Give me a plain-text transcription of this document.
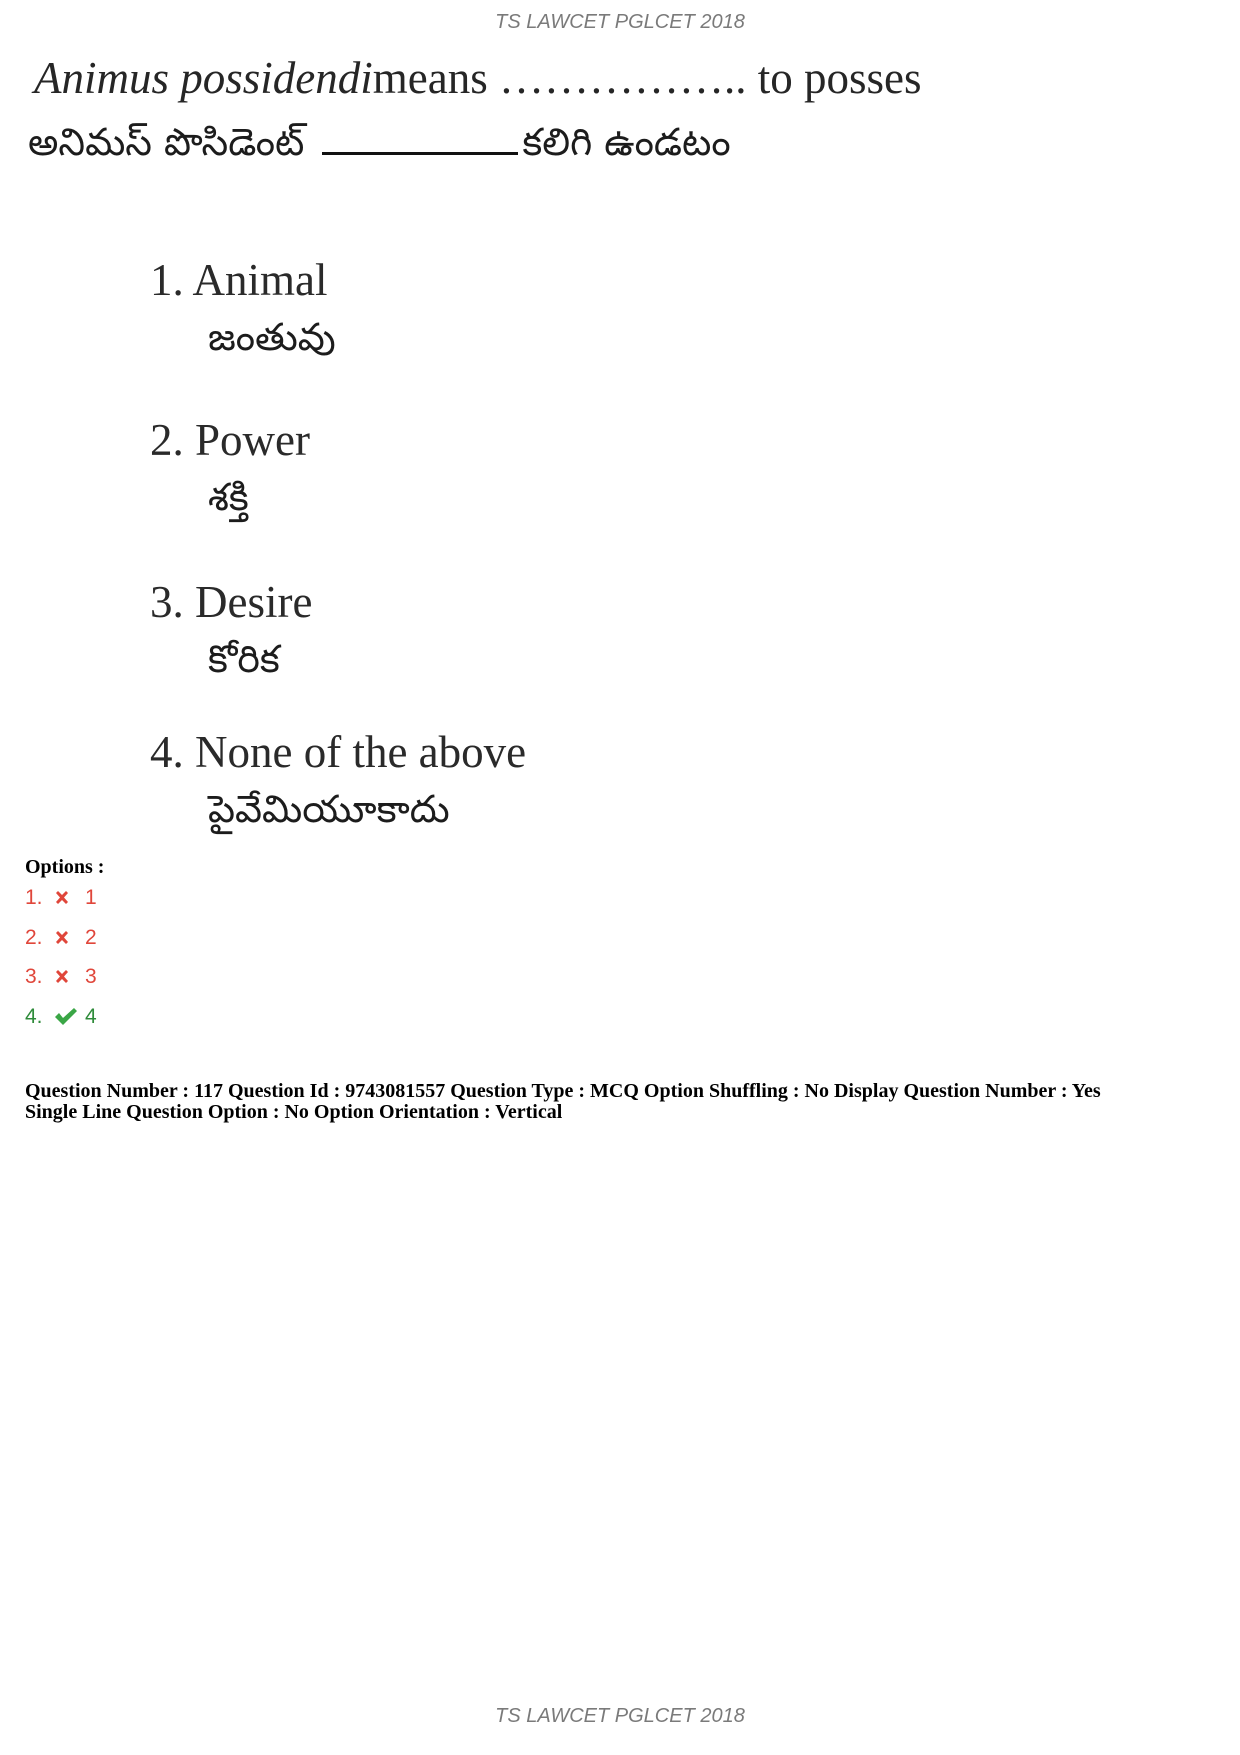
TS LAWCET PGLCET 2018
Animus possidendimeans …………….. to posses
అనిమస్ పొసిడెంట్	కలిగి ఉండటం
1. Animal
జంతువు
2. Power
శక్తి
3. Desire
కోరిక
4. None of the above
పైవేమియూకాదు
Options :
1.	1
2.	2
3.	3
4.	4
Question Number : 117 Question Id : 9743081557 Question Type : MCQ Option Shuffling : No Display Question Number : Yes
Single Line Question Option : No Option Orientation : Vertical
TS LAWCET PGLCET 2018
